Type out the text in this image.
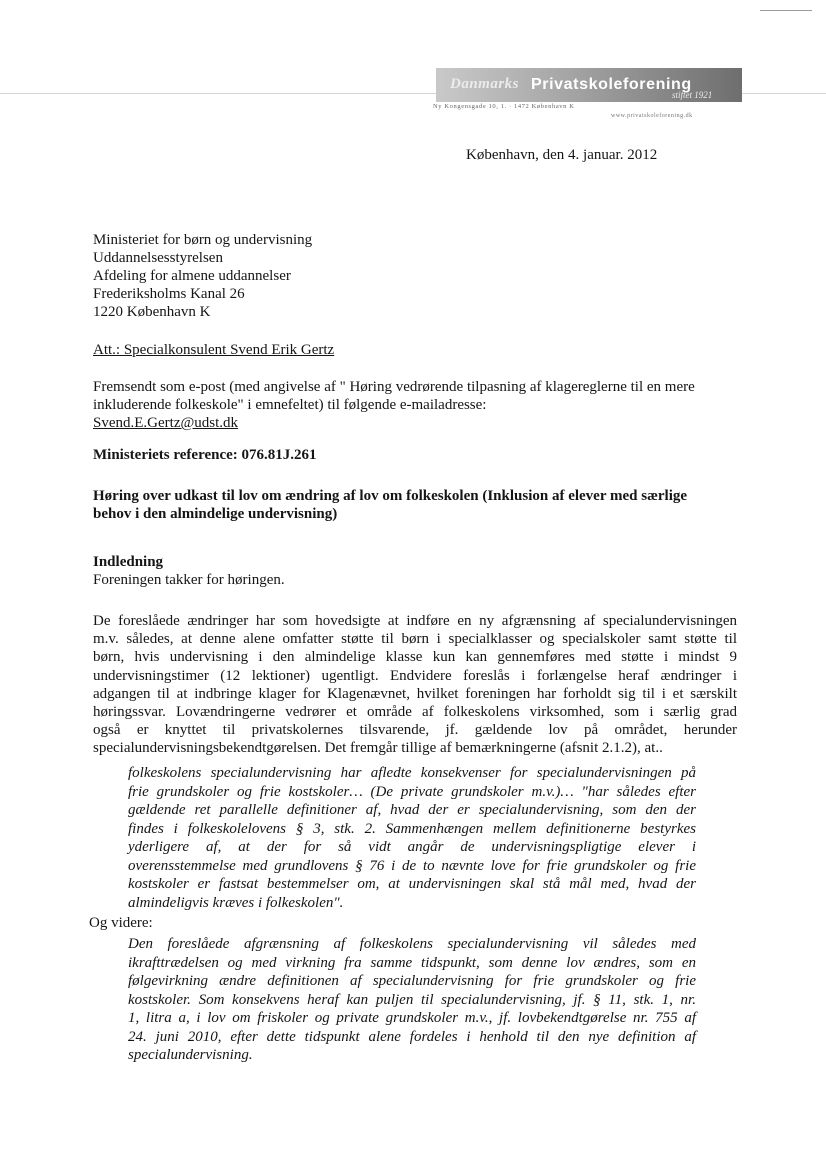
Danmarks Privatskoleforening
stiftet 1921
Ny Kongensgade 10, 1. · 1472 København K
www.privatskoleforening.dk
København, den 4. januar. 2012
Ministeriet for børn og undervisning
Uddannelsesstyrelsen
Afdeling for almene uddannelser
Frederiksholms Kanal 26
1220 København K
Att.: Specialkonsulent Svend Erik Gertz
Fremsendt som e-post (med angivelse af " Høring vedrørende tilpasning af klagereglerne til en mere
inkluderende folkeskole" i emnefeltet) til følgende e-mailadresse:
Svend.E.Gertz@udst.dk
Ministeriets reference: 076.81J.261
Høring over udkast til lov om ændring af lov om folkeskolen (Inklusion af elever med særlige
behov i den almindelige undervisning)
Indledning
Foreningen takker for høringen.
De foreslåede ændringer har som hovedsigte at indføre en ny afgrænsning af specialundervisningen
m.v. således, at denne alene omfatter støtte til børn i specialklasser og specialskoler samt støtte til
børn, hvis undervisning i den almindelige klasse kun kan gennemføres med støtte i mindst 9
undervisningstimer (12 lektioner) ugentligt. Endvidere foreslås i forlængelse heraf ændringer i
adgangen til at indbringe klager for Klagenævnet, hvilket foreningen har forholdt sig til i et særskilt
høringssvar. Lovændringerne vedrører et område af folkeskolens virksomhed, som i særlig grad
også er knyttet til privatskolernes tilsvarende, jf. gældende lov på området, herunder
specialundervisningsbekendtgørelsen. Det fremgår tillige af bemærkningerne (afsnit 2.1.2), at..
folkeskolens specialundervisning har afledte konsekvenser for specialundervisningen på
frie grundskoler og frie kostskoler… (De private grundskoler m.v.)… "har således efter
gældende ret parallelle definitioner af, hvad der er specialundervisning, som den der
findes i folkeskolelovens § 3, stk. 2. Sammenhængen mellem definitionerne bestyrkes
yderligere af, at der for så vidt angår de undervisningspligtige elever i
overensstemmelse med grundlovens § 76 i de to nævnte love for frie grundskoler og frie
kostskoler er fastsat bestemmelser om, at undervisningen skal stå mål med, hvad der
almindeligvis kræves i folkeskolen".
Og videre:
Den foreslåede afgrænsning af folkeskolens specialundervisning vil således med
ikrafttrædelsen og med virkning fra samme tidspunkt, som denne lov ændres, som en
følgevirkning ændre definitionen af specialundervisning for frie grundskoler og frie
kostskoler. Som konsekvens heraf kan puljen til specialundervisning, jf. § 11, stk. 1, nr.
1, litra a, i lov om friskoler og private grundskoler m.v., jf. lovbekendtgørelse nr. 755 af
24. juni 2010, efter dette tidspunkt alene fordeles i henhold til den nye definition af
specialundervisning.
